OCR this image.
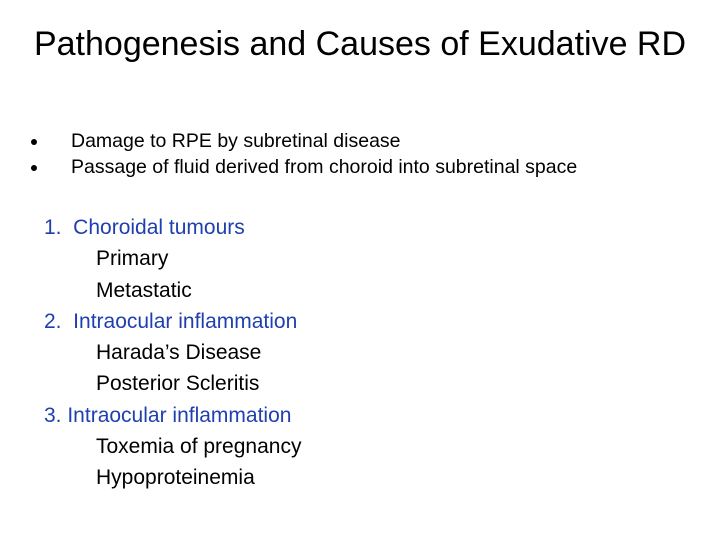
Pathogenesis and Causes of Exudative RD
Damage to RPE by subretinal disease
Passage of fluid derived from choroid into subretinal space
1.  Choroidal tumours
Primary
Metastatic
2.  Intraocular inflammation
Harada’s Disease
Posterior Scleritis
3. Intraocular inflammation
Toxemia of pregnancy
Hypoproteinemia
